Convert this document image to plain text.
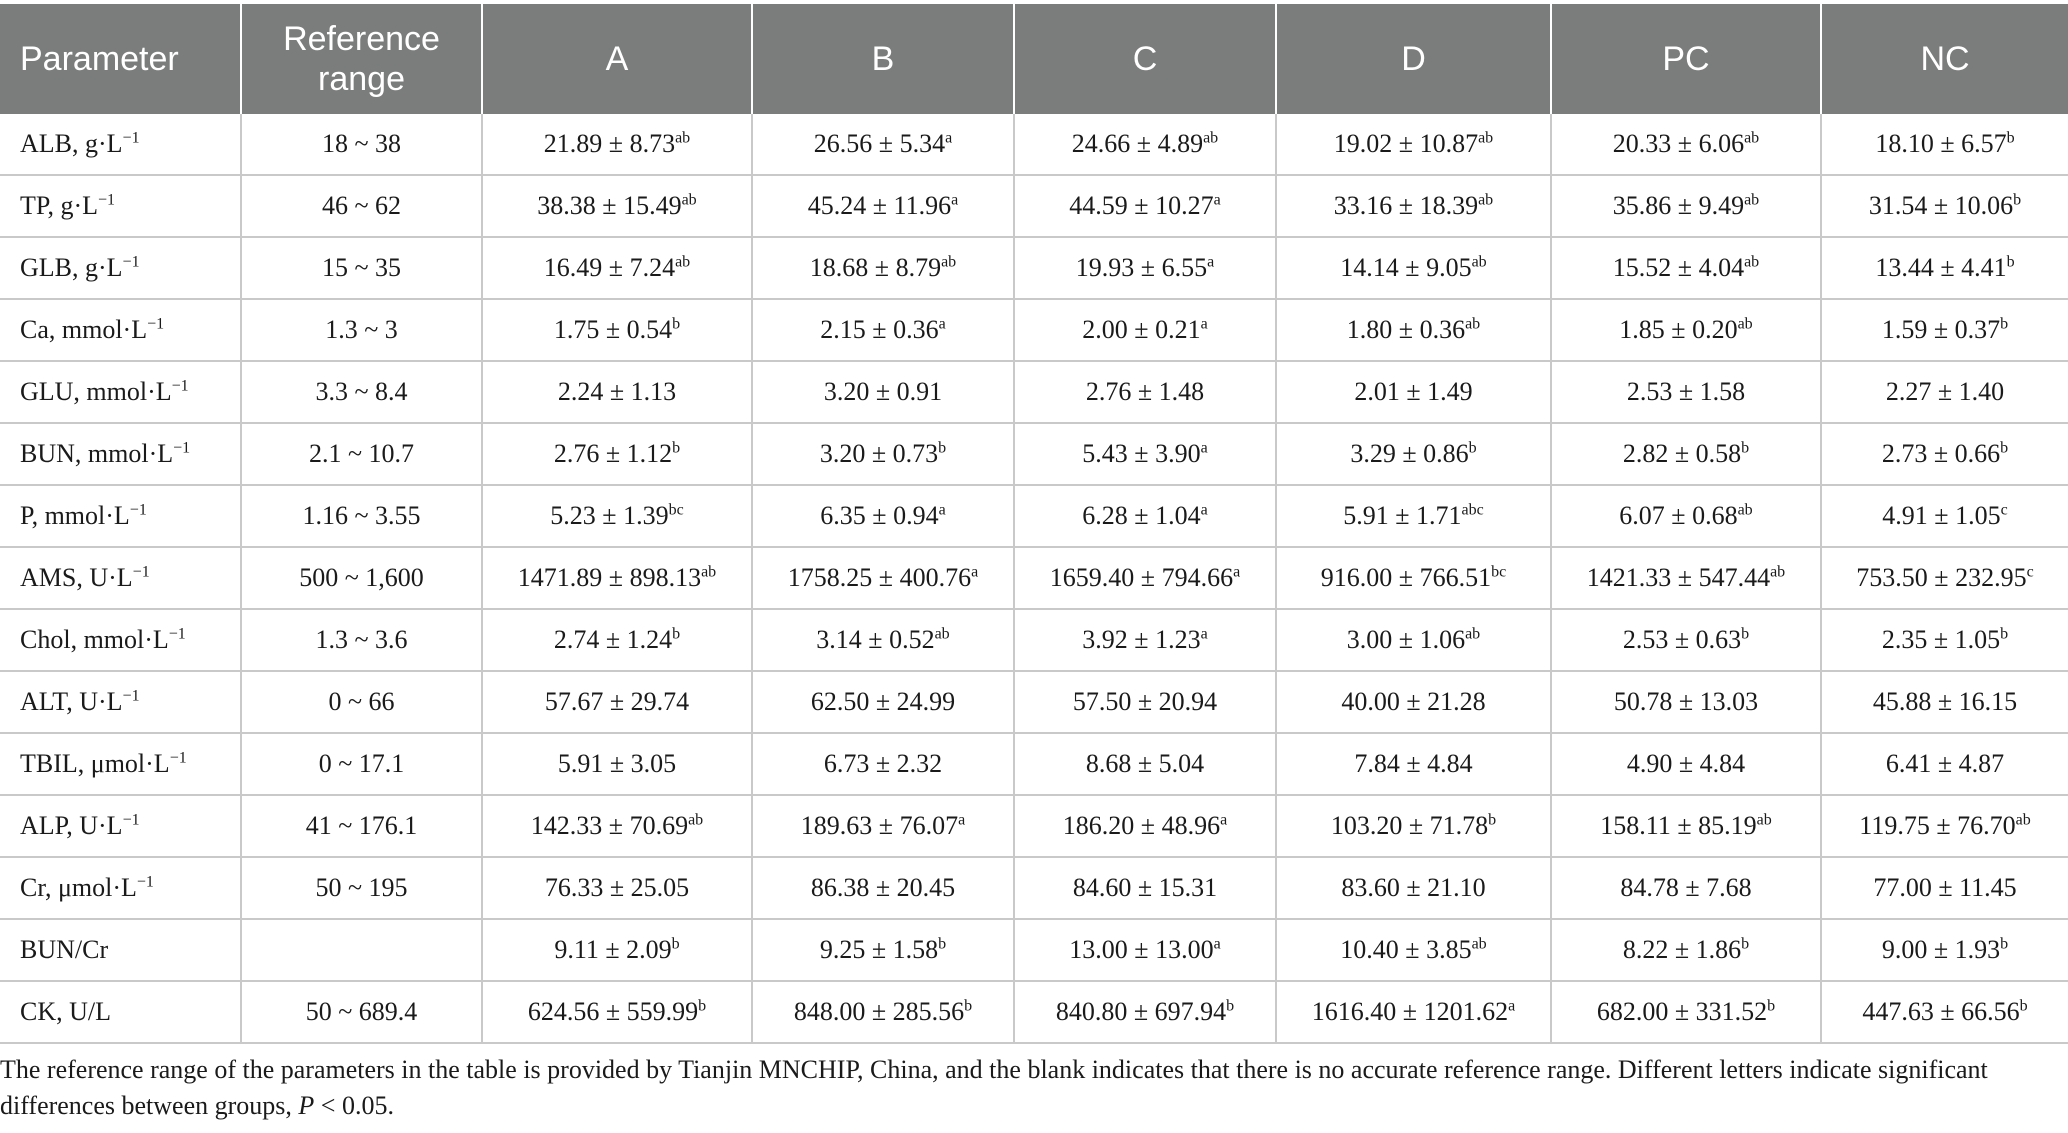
Parameter	Reference range	A	B	C	D	PC	NC
ALB, $g\cdot L^{-1}$	18 ~ 38	21.89 ± 8.73$^{ab}$	26.56 ± 5.34$^a$	24.66 ± 4.89$^{ab}$	19.02 ± 10.87$^{ab}$	20.33 ± 6.06$^{ab}$	18.10 ± 6.57$^b$
TP, $g\cdot L^{-1}$	46 ~ 62	38.38 ± 15.49$^{ab}$	45.24 ± 11.96$^a$	44.59 ± 10.27$^a$	33.16 ± 18.39$^{ab}$	35.86 ± 9.49$^{ab}$	31.54 ± 10.06$^b$
GLB, $g\cdot L^{-1}$	15 ~ 35	16.49 ± 7.24$^{ab}$	18.68 ± 8.79$^{ab}$	19.93 ± 6.55$^a$	14.14 ± 9.05$^{ab}$	15.52 ± 4.04$^{ab}$	13.44 ± 4.41$^b$
Ca, $mmol\cdot L^{-1}$	1.3 ~ 3	1.75 ± 0.54$^b$	2.15 ± 0.36$^a$	2.00 ± 0.21$^a$	1.80 ± 0.36$^{ab}$	1.85 ± 0.20$^{ab}$	1.59 ± 0.37$^b$
GLU, $mmol\cdot L^{-1}$	3.3 ~ 8.4	2.24 ± 1.13	3.20 ± 0.91	2.76 ± 1.48	2.01 ± 1.49	2.53 ± 1.58	2.27 ± 1.40
BUN, $mmol\cdot L^{-1}$	2.1 ~ 10.7	2.76 ± 1.12$^b$	3.20 ± 0.73$^b$	5.43 ± 3.90$^a$	3.29 ± 0.86$^b$	2.82 ± 0.58$^b$	2.73 ± 0.66$^b$
P, $mmol\cdot L^{-1}$	1.16 ~ 3.55	5.23 ± 1.39$^{bc}$	6.35 ± 0.94$^a$	6.28 ± 1.04$^a$	5.91 ± 1.71$^{abc}$	6.07 ± 0.68$^{ab}$	4.91 ± 1.05$^c$
AMS, $U\cdot L^{-1}$	500 ~ 1,600	1471.89 ± 898.13$^{ab}$	1758.25 ± 400.76$^a$	1659.40 ± 794.66$^a$	916.00 ± 766.51$^{bc}$	1421.33 ± 547.44$^{ab}$	753.50 ± 232.95$^c$
Chol, $mmol\cdot L^{-1}$	1.3 ~ 3.6	2.74 ± 1.24$^b$	3.14 ± 0.52$^{ab}$	3.92 ± 1.23$^a$	3.00 ± 1.06$^{ab}$	2.53 ± 0.63$^b$	2.35 ± 1.05$^b$
ALT, $U\cdot L^{-1}$	0 ~ 66	57.67 ± 29.74	62.50 ± 24.99	57.50 ± 20.94	40.00 ± 21.28	50.78 ± 13.03	45.88 ± 16.15
TBIL, $\mu mol\cdot L^{-1}$	0 ~ 17.1	5.91 ± 3.05	6.73 ± 2.32	8.68 ± 5.04	7.84 ± 4.84	4.90 ± 4.84	6.41 ± 4.87
ALP, $U\cdot L^{-1}$	41 ~ 176.1	142.33 ± 70.69$^{ab}$	189.63 ± 76.07$^a$	186.20 ± 48.96$^a$	103.20 ± 71.78$^b$	158.11 ± 85.19$^{ab}$	119.75 ± 76.70$^{ab}$
Cr, $\mu mol\cdot L^{-1}$	50 ~ 195	76.33 ± 25.05	86.38 ± 20.45	84.60 ± 15.31	83.60 ± 21.10	84.78 ± 7.68	77.00 ± 11.45
BUN/Cr		9.11 ± 2.09$^b$	9.25 ± 1.58$^b$	13.00 ± 13.00$^a$	10.40 ± 3.85$^{ab}$	8.22 ± 1.86$^b$	9.00 ± 1.93$^b$
CK, U/L	50 ~ 689.4	624.56 ± 559.99$^b$	848.00 ± 285.56$^b$	840.80 ± 697.94$^b$	1616.40 ± 1201.62$^a$	682.00 ± 331.52$^b$	447.63 ± 66.56$^b$

The reference range of the parameters in the table is provided by Tianjin MNCHIP, China, and the blank indicates that there is no accurate reference range. Different letters indicate significant differences between groups, P < 0.05.
